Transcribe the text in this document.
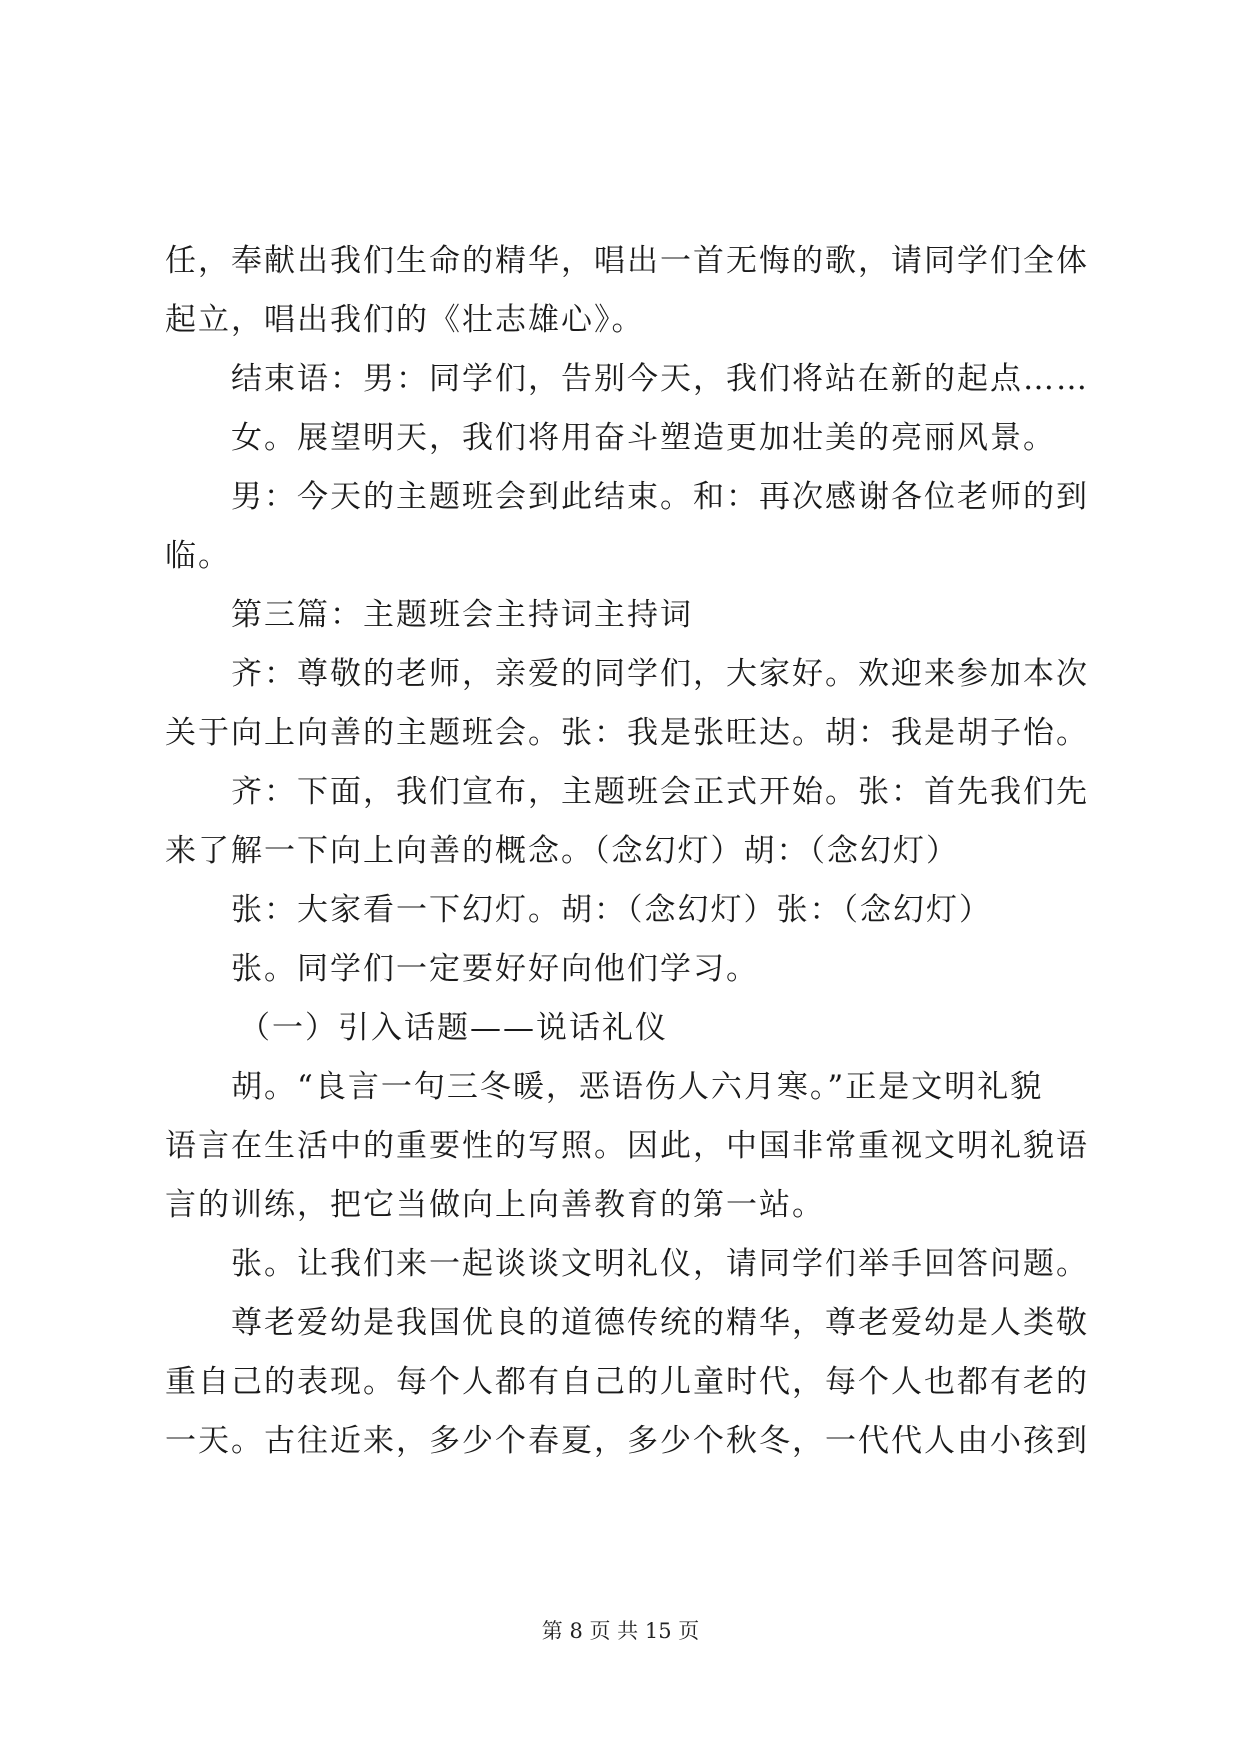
任，奉献出我们生命的精华，唱出一首无悔的歌，请同学们全体
起立，唱出我们的《壮志雄心》。
结束语：男：同学们，告别今天，我们将站在新的起点……
女。展望明天，我们将用奋斗塑造更加壮美的亮丽风景。
男：今天的主题班会到此结束。和：再次感谢各位老师的到
临。
第三篇：主题班会主持词主持词
齐：尊敬的老师，亲爱的同学们，大家好。欢迎来参加本次
关于向上向善的主题班会。张：我是张旺达。胡：我是胡子怡。
齐：下面，我们宣布，主题班会正式开始。张：首先我们先
来了解一下向上向善的概念。（念幻灯）胡：（念幻灯）
张：大家看一下幻灯。胡：（念幻灯）张：（念幻灯）
张。同学们一定要好好向他们学习。
（一）引入话题——说话礼仪
胡。“良言一句三冬暖，恶语伤人六月寒。”正是文明礼貌
语言在生活中的重要性的写照。因此，中国非常重视文明礼貌语
言的训练，把它当做向上向善教育的第一站。
张。让我们来一起谈谈文明礼仪，请同学们举手回答问题。
尊老爱幼是我国优良的道德传统的精华，尊老爱幼是人类敬
重自己的表现。每个人都有自己的儿童时代，每个人也都有老的
一天。古往近来，多少个春夏，多少个秋冬，一代代人由小孩到
第 8 页 共 15 页
